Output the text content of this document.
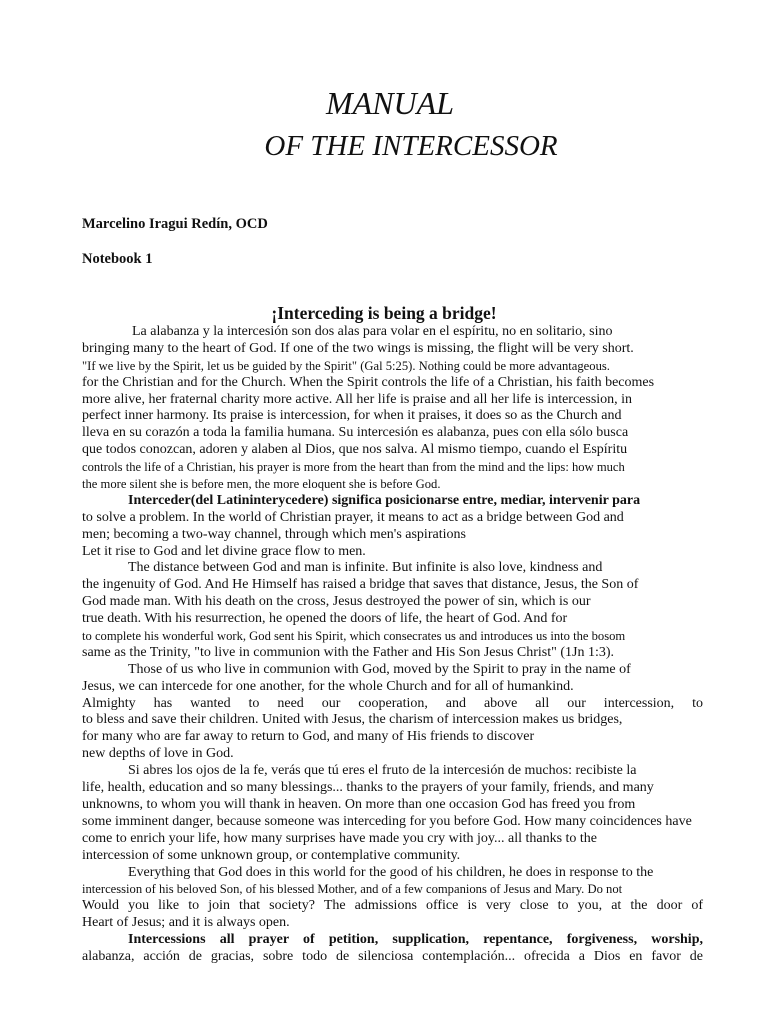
MANUAL
OF THE INTERCESSOR
Marcelino Iragui Redín, OCD
Notebook 1
¡Interceding is being a bridge!
La alabanza y la intercesión son dos alas para volar en el espíritu, no en solitario, sino
bringing many to the heart of God. If one of the two wings is missing, the flight will be very short.
"If we live by the Spirit, let us be guided by the Spirit" (Gal 5:25). Nothing could be more advantageous.
for the Christian and for the Church. When the Spirit controls the life of a Christian, his faith becomes
more alive, her fraternal charity more active. All her life is praise and all her life is intercession, in
perfect inner harmony. Its praise is intercession, for when it praises, it does so as the Church and
lleva en su corazón a toda la familia humana. Su intercesión es alabanza, pues con ella sólo busca
que todos conozcan, adoren y alaben al Dios, que nos salva. Al mismo tiempo, cuando el Espíritu
controls the life of a Christian, his prayer is more from the heart than from the mind and the lips: how much
the more silent she is before men, the more eloquent she is before God.
Interceder(del Latininterycedere) significa posicionarse entre, mediar, intervenir para
to solve a problem. In the world of Christian prayer, it means to act as a bridge between God and
men; becoming a two-way channel, through which men's aspirations
Let it rise to God and let divine grace flow to men.
The distance between God and man is infinite. But infinite is also love, kindness and
the ingenuity of God. And He Himself has raised a bridge that saves that distance, Jesus, the Son of
God made man. With his death on the cross, Jesus destroyed the power of sin, which is our
true death. With his resurrection, he opened the doors of life, the heart of God. And for
to complete his wonderful work, God sent his Spirit, which consecrates us and introduces us into the bosom
same as the Trinity, "to live in communion with the Father and His Son Jesus Christ" (1Jn 1:3).
Those of us who live in communion with God, moved by the Spirit to pray in the name of
Jesus, we can intercede for one another, for the whole Church and for all of humankind.
Almighty has wanted to need our cooperation, and above all our intercession, to
to bless and save their children. United with Jesus, the charism of intercession makes us bridges,
for many who are far away to return to God, and many of His friends to discover
new depths of love in God.
Si abres los ojos de la fe, verás que tú eres el fruto de la intercesión de muchos: recibiste la
life, health, education and so many blessings... thanks to the prayers of your family, friends, and many
unknowns, to whom you will thank in heaven. On more than one occasion God has freed you from
some imminent danger, because someone was interceding for you before God. How many coincidences have
come to enrich your life, how many surprises have made you cry with joy... all thanks to the
intercession of some unknown group, or contemplative community.
Everything that God does in this world for the good of his children, he does in response to the
intercession of his beloved Son, of his blessed Mother, and of a few companions of Jesus and Mary. Do not
Would you like to join that society? The admissions office is very close to you, at the door of
Heart of Jesus; and it is always open.
Intercessions all prayer of petition, supplication, repentance, forgiveness, worship,
alabanza, acción de gracias, sobre todo de silenciosa contemplación... ofrecida a Dios en favor de
